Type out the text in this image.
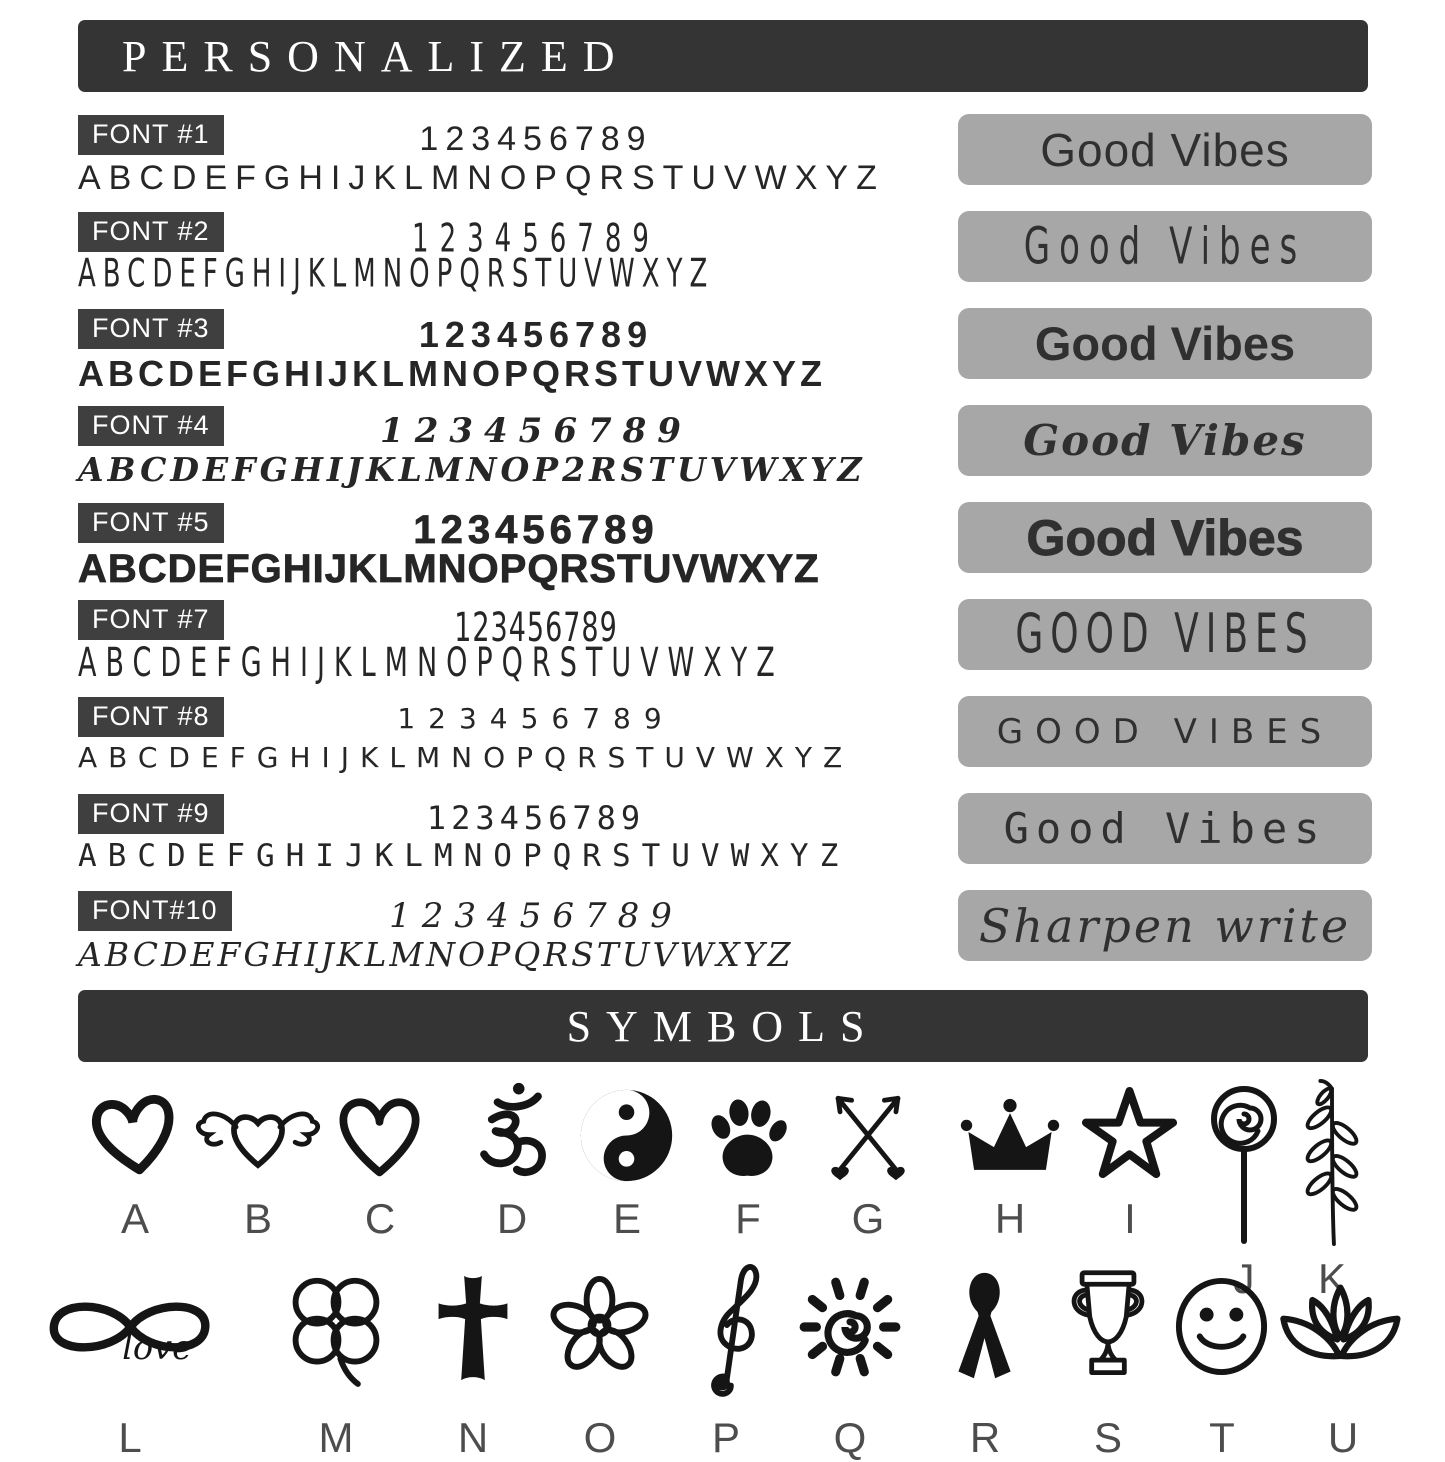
PERSONALIZED
FONT #1	123456789
ABCDEFGHIJKLMNOPQRSTUVWXYZ
FONT #2	123456789
ABCDEFGHIJKLMNOPQRSTUVWXYZ
FONT #3	123456789
ABCDEFGHIJKLMNOPQRSTUVWXYZ
FONT #4	123456789
ABCDEFGHIJKLMNOP2RSTUVWXYZ
FONT #5	123456789
ABCDEFGHIJKLMNOPQRSTUVWXYZ
FONT #7	123456789
ABCDEFGHIJKLMNOPQRSTUVWXYZ
FONT #8	123456789
ABCDEFGHIJKLMNOPQRSTUVWXYZ
FONT #9	123456789
ABCDEFGHIJKLMNOPQRSTUVWXYZ
FONT#10	123456789
ABCDEFGHIJKLMNOPQRSTUVWXYZ
Good Vibes
Good Vibes
Good Vibes
Good Vibes
Good Vibes
GOOD VIBES
GOOD VIBES
Good Vibes
Sharpen write
SYMBOLS
A B C D E F G	H I
J K
love
L	M N O P Q R S T U
